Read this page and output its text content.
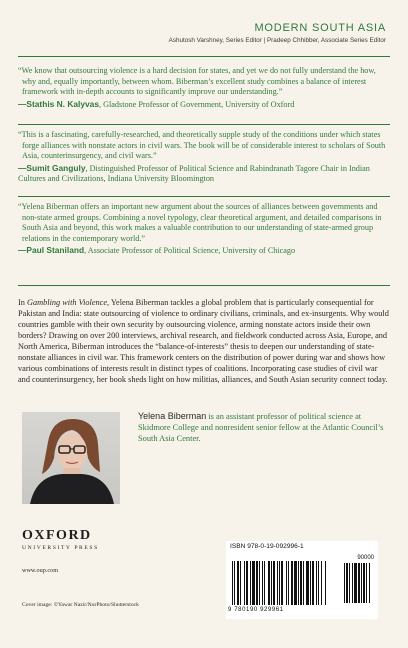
MODERN SOUTH ASIA
Ashutosh Varshney, Series Editor | Pradeep Chhibber, Associate Series Editor

“We know that outsourcing violence is a hard decision for states, and yet we do not fully understand the how, why and, equally importantly, between whom. Biberman’s excellent study combines a balance of interest framework with in-depth accounts to significantly improve our understanding.”

—Stathis N. Kalyvas, Gladstone Professor of Government, University of Oxford

“This is a fascinating, carefully-researched, and theoretically supple study of the conditions under which states forge alliances with nonstate actors in civil wars. The book will be of considerable interest to scholars of South Asia, counterinsurgency, and civil wars.”

—Sumit Ganguly, Distinguished Professor of Political Science and Rabindranath Tagore Chair in Indian Cultures and Civilizations, Indiana University Bloomington

“Yelena Biberman offers an important new argument about the sources of alliances between governments and non-state armed groups. Combining a novel typology, clear theoretical argument, and detailed comparisons in South Asia and beyond, this work makes a valuable contribution to our understanding of state-armed group relations in the contemporary world.”

—Paul Staniland, Associate Professor of Political Science, University of Chicago

In Gambling with Violence, Yelena Biberman tackles a global problem that is particularly consequential for Pakistan and India: state outsourcing of violence to ordinary civilians, criminals, and ex-insurgents. Why would countries gamble with their own security by outsourcing violence, arming nonstate actors inside their own borders? Drawing on over 200 interviews, archival research, and fieldwork conducted across Asia, Europe, and North America, Biberman introduces the “balance-of-interests” thesis to deepen our understanding of state-nonstate alliances in civil war. This framework centers on the distribution of power during war and shows how various combinations of interests result in distinct types of coalitions. Incorporating case studies of civil war and counterinsurgency, her book sheds light on how militias, alliances, and South Asian security connect today.

Yelena Biberman is an assistant professor of political science at Skidmore College and nonresident senior fellow at the Atlantic Council’s South Asia Center.

OXFORD
UNIVERSITY PRESS
www.oup.com
Cover image: ©Yawar Nazir/NurPhoto/Shutterstock
ISBN 978-0-19-092996-1
90000
9 780190 929961
